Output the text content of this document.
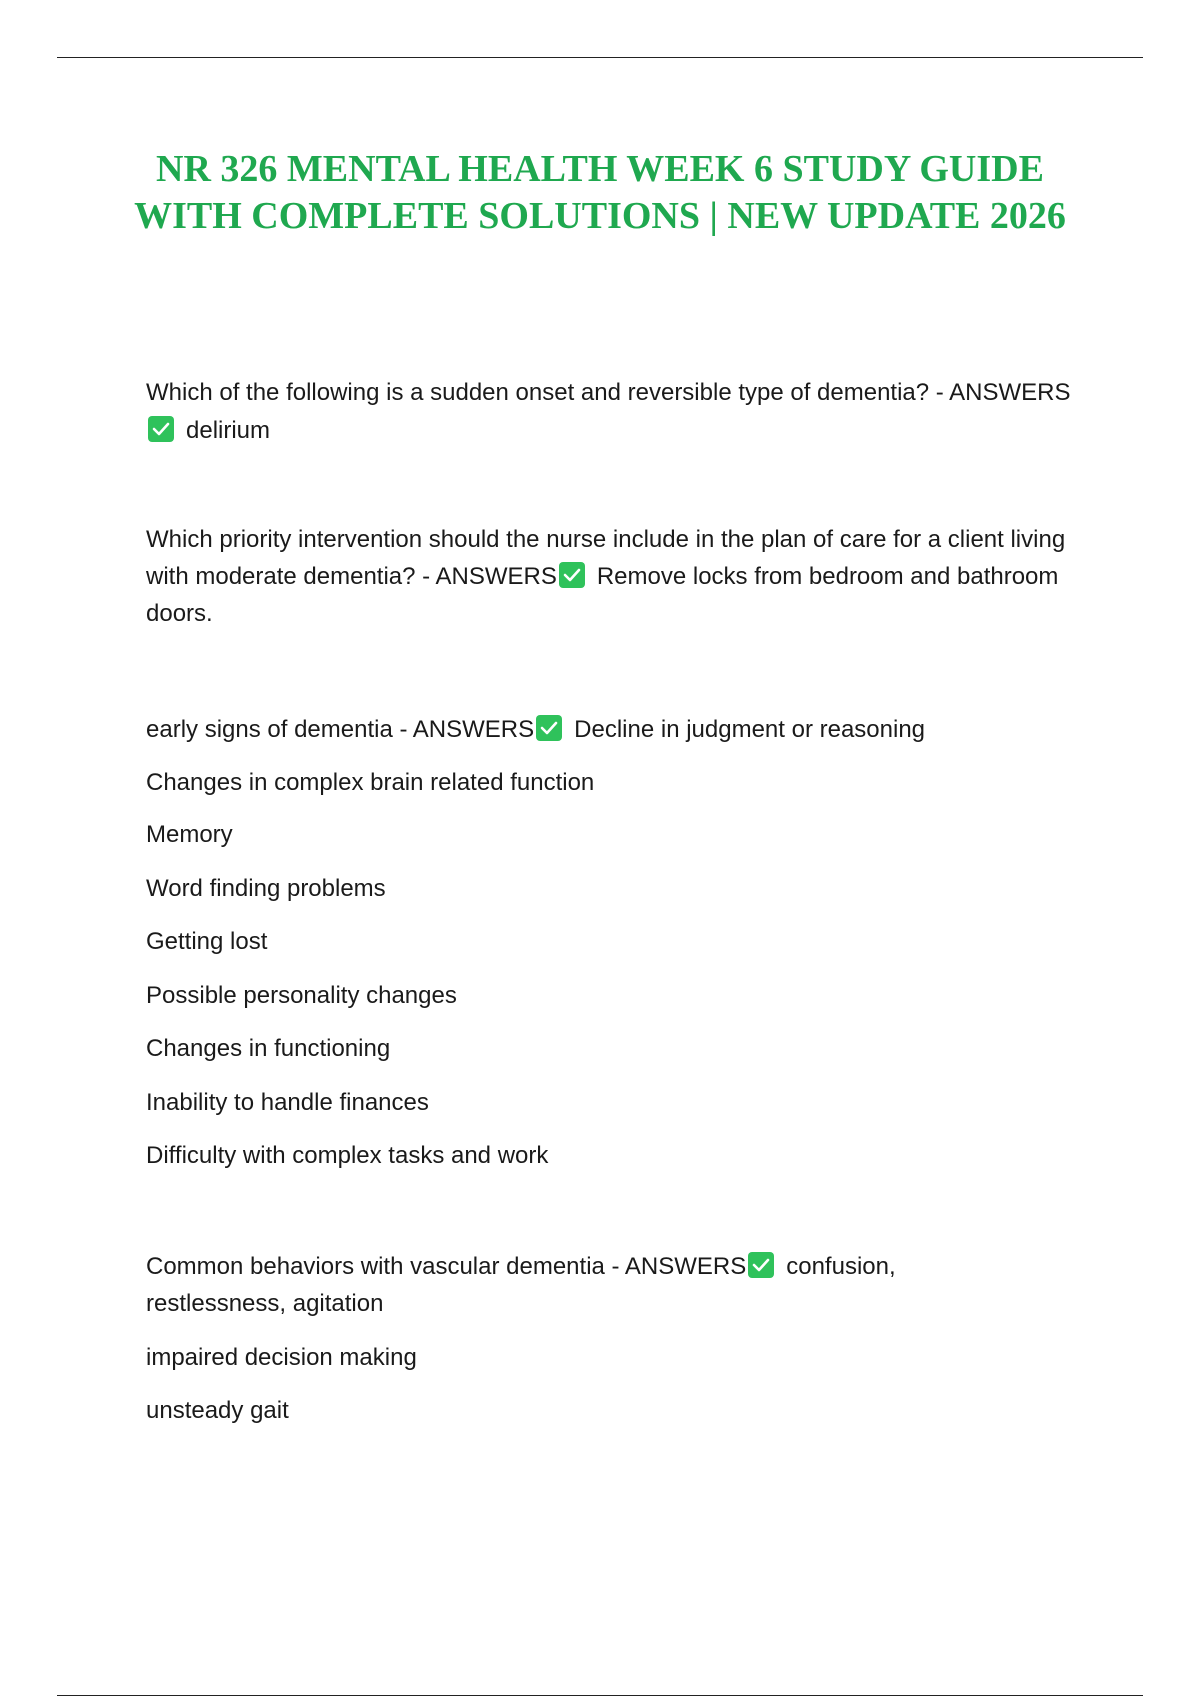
NR 326 MENTAL HEALTH WEEK 6 STUDY GUIDE WITH COMPLETE SOLUTIONS | NEW UPDATE 2026

Which of the following is a sudden onset and reversible type of dementia? - ANSWERS
delirium

Which priority intervention should the nurse include in the plan of care for a client living with moderate dementia? - ANSWERS Remove locks from bedroom and bathroom doors.

early signs of dementia - ANSWERS Decline in judgment or reasoning

Changes in complex brain related function

Memory

Word finding problems

Getting lost

Possible personality changes

Changes in functioning

Inability to handle finances

Difficulty with complex tasks and work

Common behaviors with vascular dementia - ANSWERS confusion, restlessness, agitation

impaired decision making

unsteady gait
